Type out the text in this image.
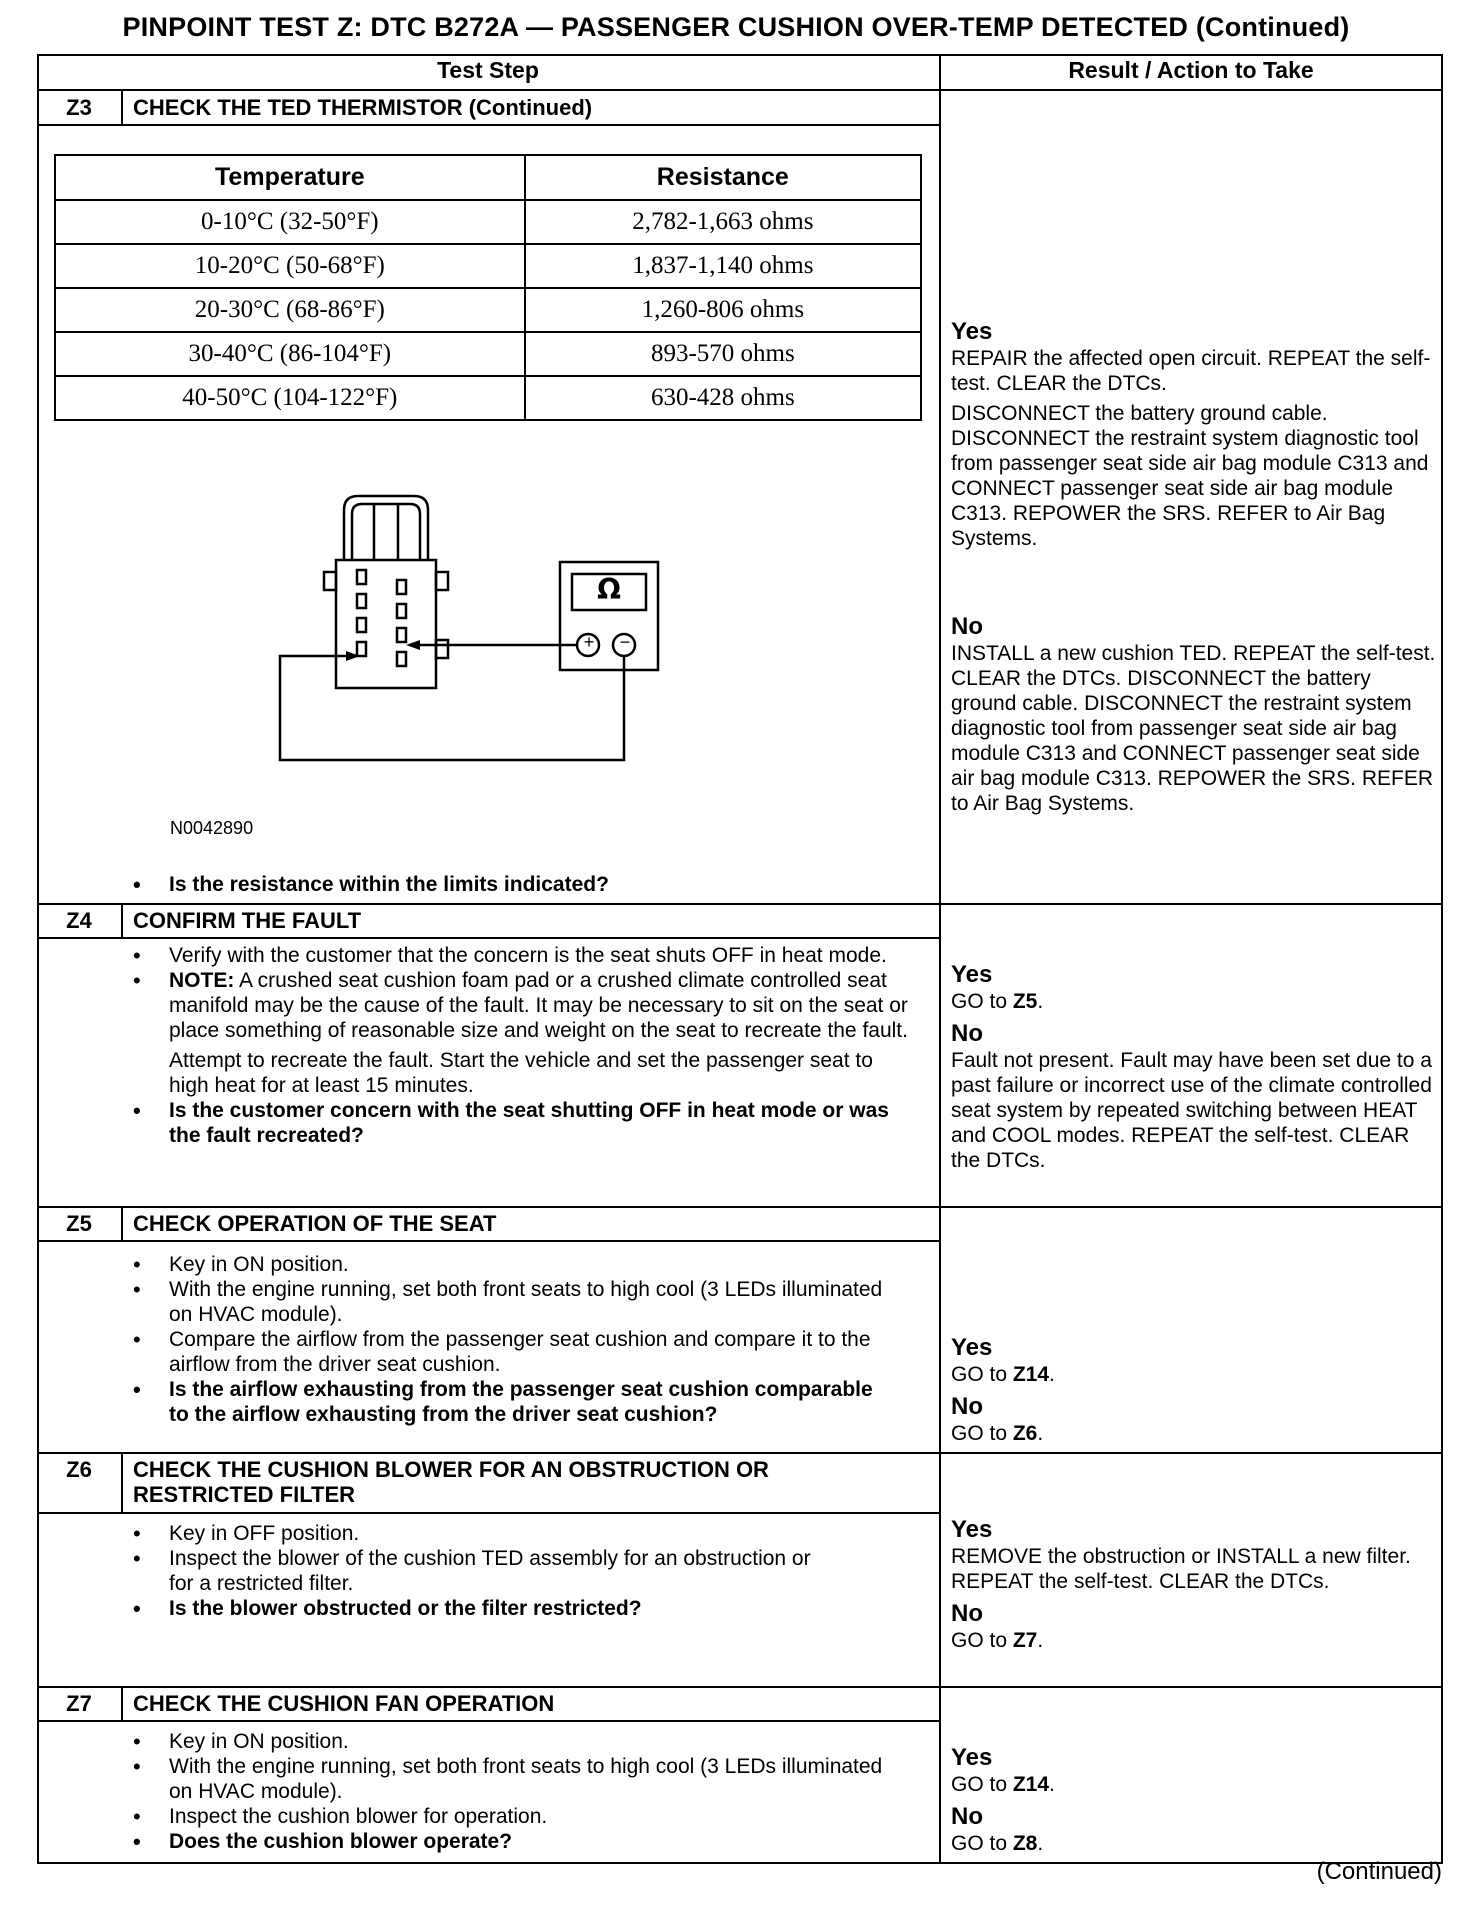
PINPOINT TEST Z: DTC B272A — PASSENGER CUSHION OVER-TEMP DETECTED (Continued)
Test Step	Result / Action to Take
Z3	CHECK THE TED THERMISTOR (Continued)
Temperature	Resistance
0-10°C (32-50°F)	2,782-1,663 ohms
10-20°C (50-68°F)	1,837-1,140 ohms
20-30°C (68-86°F)	1,260-806 ohms
30-40°C (86-104°F)	893-570 ohms
40-50°C (104-122°F)	630-428 ohms
Ω
+ −
N0042890
• Is the resistance within the limits indicated?
Yes
REPAIR the affected open circuit. REPEAT the self-test. CLEAR the DTCs.
DISCONNECT the battery ground cable. DISCONNECT the restraint system diagnostic tool from passenger seat side air bag module C313 and CONNECT passenger seat side air bag module C313. REPOWER the SRS. REFER to Air Bag Systems.
No
INSTALL a new cushion TED. REPEAT the self-test. CLEAR the DTCs. DISCONNECT the battery ground cable. DISCONNECT the restraint system diagnostic tool from passenger seat side air bag module C313 and CONNECT passenger seat side air bag module C313. REPOWER the SRS. REFER to Air Bag Systems.
Z4	CONFIRM THE FAULT
• Verify with the customer that the concern is the seat shuts OFF in heat mode.
• NOTE: A crushed seat cushion foam pad or a crushed climate controlled seat manifold may be the cause of the fault. It may be necessary to sit on the seat or place something of reasonable size and weight on the seat to recreate the fault.
Attempt to recreate the fault. Start the vehicle and set the passenger seat to high heat for at least 15 minutes.
• Is the customer concern with the seat shutting OFF in heat mode or was the fault recreated?
Yes
GO to Z5.
No
Fault not present. Fault may have been set due to a past failure or incorrect use of the climate controlled seat system by repeated switching between HEAT and COOL modes. REPEAT the self-test. CLEAR the DTCs.
Z5	CHECK OPERATION OF THE SEAT
• Key in ON position.
• With the engine running, set both front seats to high cool (3 LEDs illuminated on HVAC module).
• Compare the airflow from the passenger seat cushion and compare it to the airflow from the driver seat cushion.
• Is the airflow exhausting from the passenger seat cushion comparable to the airflow exhausting from the driver seat cushion?
Yes
GO to Z14.
No
GO to Z6.
Z6	CHECK THE CUSHION BLOWER FOR AN OBSTRUCTION OR
RESTRICTED FILTER
• Key in OFF position.
• Inspect the blower of the cushion TED assembly for an obstruction or for a restricted filter.
• Is the blower obstructed or the filter restricted?
Yes
REMOVE the obstruction or INSTALL a new filter. REPEAT the self-test. CLEAR the DTCs.
No
GO to Z7.
Z7	CHECK THE CUSHION FAN OPERATION
• Key in ON position.
• With the engine running, set both front seats to high cool (3 LEDs illuminated on HVAC module).
• Inspect the cushion blower for operation.
• Does the cushion blower operate?
Yes
GO to Z14.
No
GO to Z8.
(Continued)
